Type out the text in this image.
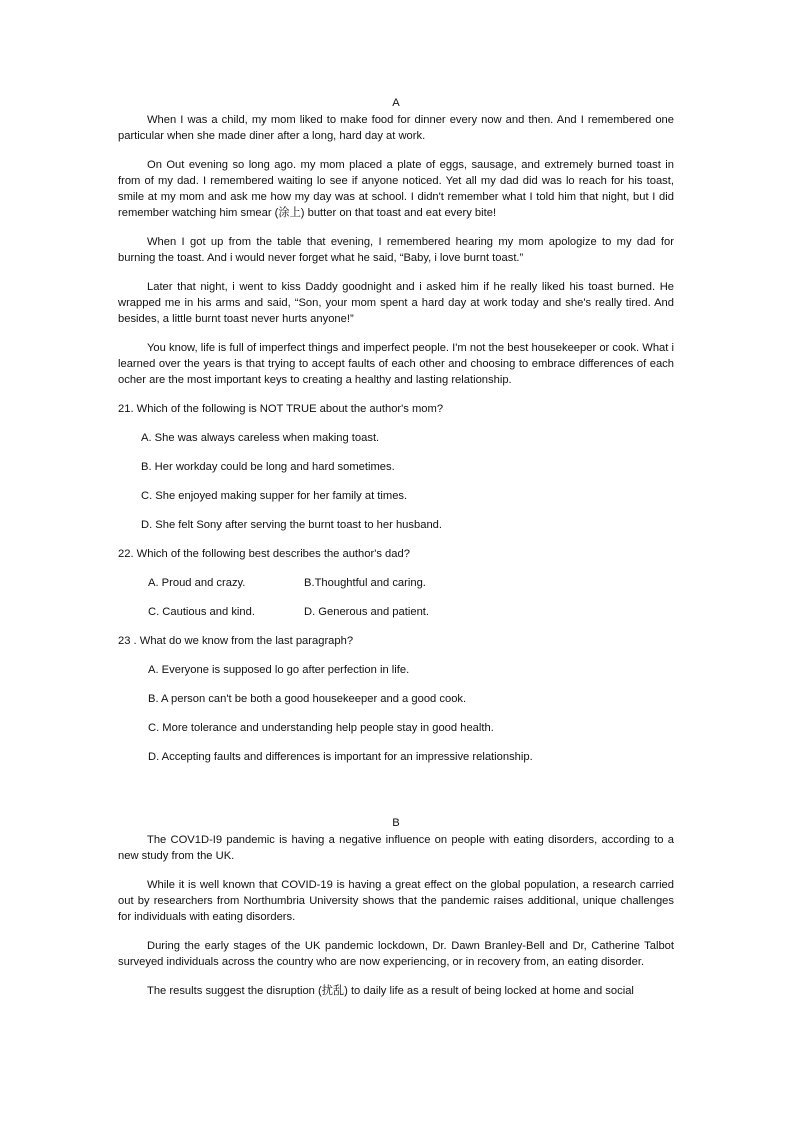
A

When I was a child, my mom liked to make food for dinner every now and then. And I remembered one particular when she made diner after a long, hard day at work.

On Out evening so long ago. my mom placed a plate of eggs, sausage, and extremely burned toast in from of my dad. I remembered waiting lo see if anyone noticed. Yet all my dad did was lo reach for his toast, smile at my mom and ask me how my day was at school. I didn't remember what I told him that night, but I did remember watching him smear (涂上) butter on that toast and eat every bite!

When I got up from the table that evening, I remembered hearing my mom apologize to my dad for burning the toast. And i would never forget what he said, “Baby, i love burnt toast.”

Later that night, i went to kiss Daddy goodnight and i asked him if he really liked his toast burned. He wrapped me in his arms and said, “Son, your mom spent a hard day at work today and she's really tired. And besides, a little burnt toast never hurts anyone!”

You know, life is full of imperfect things and imperfect people. I'm not the best housekeeper or cook. What i learned over the years is that trying to accept faults of each other and choosing to embrace differences of each ocher are the most important keys to creating a healthy and lasting relationship.

21. Which of the following is NOT TRUE about the author's mom?
A. She was always careless when making toast.
B. Her workday could be long and hard sometimes.
C. She enjoyed making supper for her family at times.
D. She felt Sony after serving the burnt toast to her husband.
22. Which of the following best describes the author's dad?
A. Proud and crazy.	B.Thoughtful and caring.
C. Cautious and kind.	D. Generous and patient.
23 . What do we know from the last paragraph?
A. Everyone is supposed lo go after perfection in life.
B. A person can't be both a good housekeeper and a good cook.
C. More tolerance and understanding help people stay in good health.
D. Accepting faults and differences is important for an impressive relationship.
B

The COV1D-I9 pandemic is having a negative influence on people with eating disorders, according to a new study from the UK.

While it is well known that COVID-19 is having a great effect on the global population, a research carried out by researchers from Northumbria University shows that the pandemic raises additional, unique challenges for individuals with eating disorders.

During the early stages of the UK pandemic lockdown, Dr. Dawn Branley-Bell and Dr, Catherine Talbot surveyed individuals across the country who are now experiencing, or in recovery from, an eating disorder.

The results suggest the disruption (扰乱) to daily life as a result of being locked at home and social
